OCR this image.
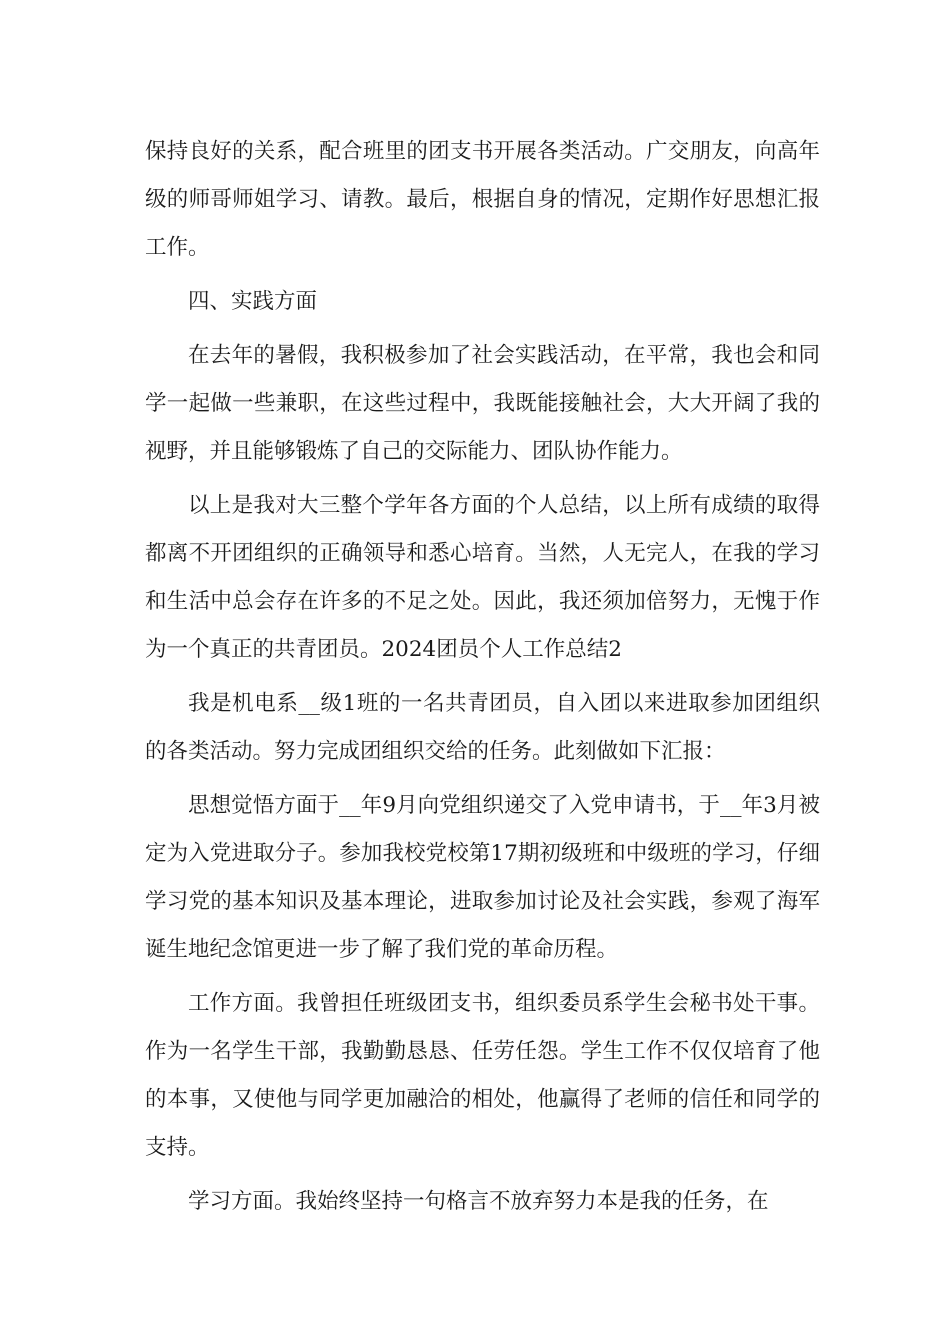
保持良好的关系，配合班里的团支书开展各类活动。广交朋友，向高年级的师哥师姐学习、请教。最后，根据自身的情况，定期作好思想汇报工作。

四、实践方面

在去年的暑假，我积极参加了社会实践活动，在平常，我也会和同学一起做一些兼职，在这些过程中，我既能接触社会，大大开阔了我的视野，并且能够锻炼了自己的交际能力、团队协作能力。

以上是我对大三整个学年各方面的个人总结，以上所有成绩的取得都离不开团组织的正确领导和悉心培育。当然，人无完人，在我的学习和生活中总会存在许多的不足之处。因此，我还须加倍努力，无愧于作为一个真正的共青团员。2024团员个人工作总结2

我是机电系__级1班的一名共青团员，自入团以来进取参加团组织的各类活动。努力完成团组织交给的任务。此刻做如下汇报：

思想觉悟方面于__年9月向党组织递交了入党申请书，于__年3月被定为入党进取分子。参加我校党校第17期初级班和中级班的学习，仔细学习党的基本知识及基本理论，进取参加讨论及社会实践，参观了海军诞生地纪念馆更进一步了解了我们党的革命历程。

工作方面。我曾担任班级团支书，组织委员系学生会秘书处干事。作为一名学生干部，我勤勤恳恳、任劳任怨。学生工作不仅仅培育了他的本事，又使他与同学更加融洽的相处，他赢得了老师的信任和同学的支持。

学习方面。我始终坚持一句格言不放弃努力本是我的任务，在
